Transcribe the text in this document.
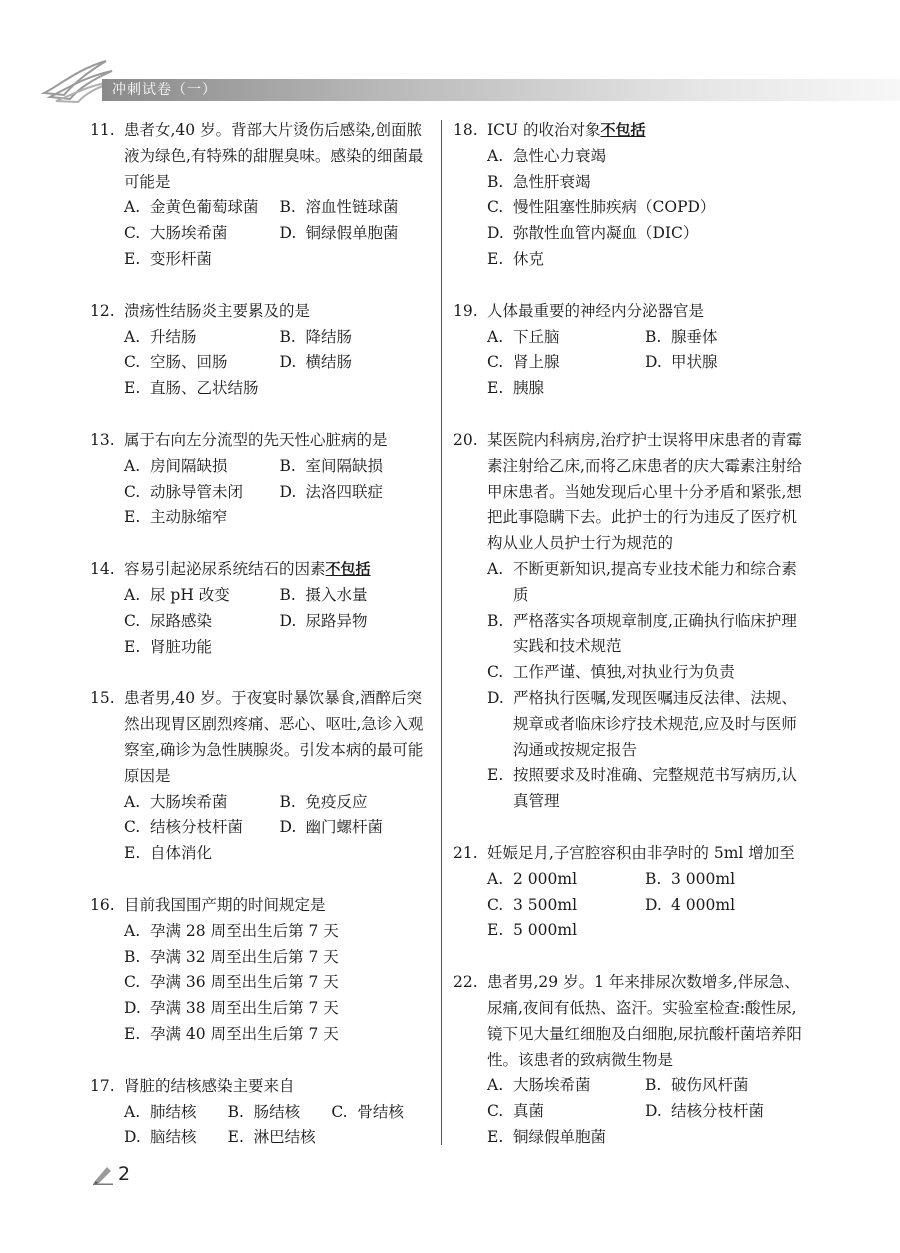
冲刺试卷（一）
11. 患者女,40 岁。背部大片烫伤后感染,创面脓液为绿色,有特殊的甜腥臭味。感染的细菌最可能是
A. 金黄色葡萄球菌	B. 溶血性链球菌
C. 大肠埃希菌	D. 铜绿假单胞菌
E. 变形杆菌
12. 溃疡性结肠炎主要累及的是
A. 升结肠	B. 降结肠
C. 空肠、回肠	D. 横结肠
E. 直肠、乙状结肠
13. 属于右向左分流型的先天性心脏病的是
A. 房间隔缺损	B. 室间隔缺损
C. 动脉导管未闭	D. 法洛四联症
E. 主动脉缩窄
14. 容易引起泌尿系统结石的因素不包括
A. 尿 pH 改变	B. 摄入水量
C. 尿路感染	D. 尿路异物
E. 肾脏功能
15. 患者男,40 岁。于夜宴时暴饮暴食,酒醉后突然出现胃区剧烈疼痛、恶心、呕吐,急诊入观察室,确诊为急性胰腺炎。引发本病的最可能原因是
A. 大肠埃希菌	B. 免疫反应
C. 结核分枝杆菌	D. 幽门螺杆菌
E. 自体消化
16. 目前我国围产期的时间规定是
A. 孕满 28 周至出生后第 7 天
B. 孕满 32 周至出生后第 7 天
C. 孕满 36 周至出生后第 7 天
D. 孕满 38 周至出生后第 7 天
E. 孕满 40 周至出生后第 7 天
17. 肾脏的结核感染主要来自
A. 肺结核	B. 肠结核	C. 骨结核
D. 脑结核	E. 淋巴结核
18. ICU 的收治对象不包括
A. 急性心力衰竭
B. 急性肝衰竭
C. 慢性阻塞性肺疾病（COPD）
D. 弥散性血管内凝血（DIC）
E. 休克
19. 人体最重要的神经内分泌器官是
A. 下丘脑	B. 腺垂体
C. 肾上腺	D. 甲状腺
E. 胰腺
20. 某医院内科病房,治疗护士误将甲床患者的青霉素注射给乙床,而将乙床患者的庆大霉素注射给甲床患者。当她发现后心里十分矛盾和紧张,想把此事隐瞒下去。此护士的行为违反了医疗机构从业人员护士行为规范的
A. 不断更新知识,提高专业技术能力和综合素质
B. 严格落实各项规章制度,正确执行临床护理实践和技术规范
C. 工作严谨、慎独,对执业行为负责
D. 严格执行医嘱,发现医嘱违反法律、法规、规章或者临床诊疗技术规范,应及时与医师沟通或按规定报告
E. 按照要求及时准确、完整规范书写病历,认真管理
21. 妊娠足月,子宫腔容积由非孕时的 5ml 增加至
A. 2 000ml	B. 3 000ml
C. 3 500ml	D. 4 000ml
E. 5 000ml
22. 患者男,29 岁。1 年来排尿次数增多,伴尿急、尿痛,夜间有低热、盗汗。实验室检查:酸性尿,镜下见大量红细胞及白细胞,尿抗酸杆菌培养阳性。该患者的致病微生物是
A. 大肠埃希菌	B. 破伤风杆菌
C. 真菌	D. 结核分枝杆菌
E. 铜绿假单胞菌
2
